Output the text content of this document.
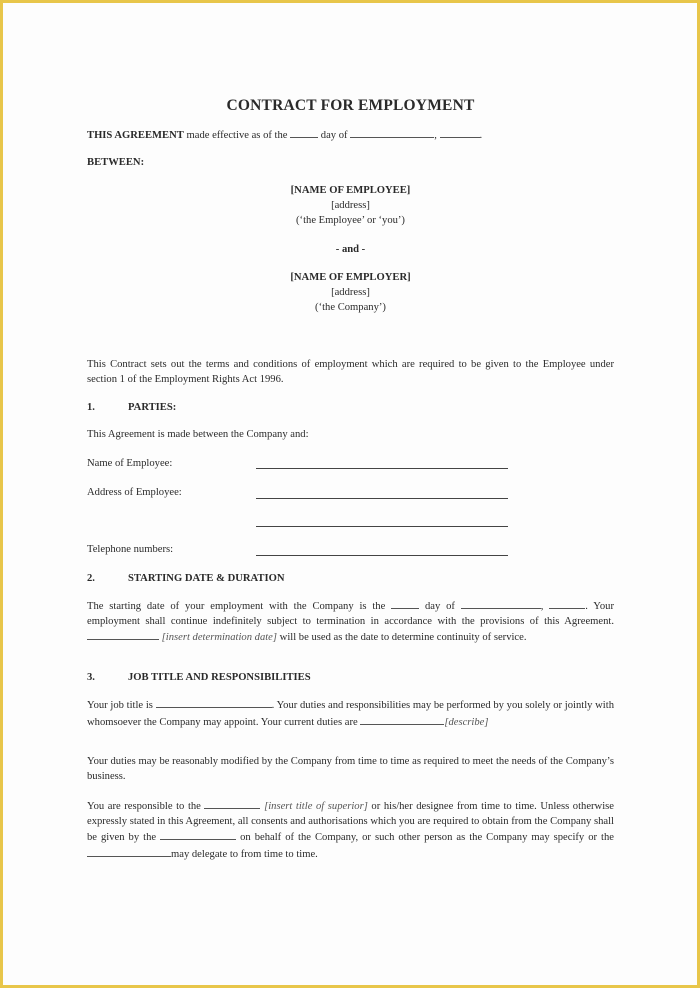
CONTRACT FOR EMPLOYMENT
THIS AGREEMENT made effective as of the	day of	,	.
BETWEEN:
[NAME OF EMPLOYEE]
[address]
(‘the Employee’ or ‘you’)
- and -
[NAME OF EMPLOYER]
[address]
(‘the Company’)
This Contract sets out the terms and conditions of employment which are required to be given to the Employee under section 1 of the Employment Rights Act 1996.
1.	PARTIES:
This Agreement is made between the Company and:
Name of Employee:
Address of Employee:
Telephone numbers:
2.	STARTING DATE & DURATION
The starting date of your employment with the Company is the	day of	,	. Your employment shall continue indefinitely subject to termination in accordance with the provisions of this Agreement.  [insert determination date] will be used as the date to determine continuity of service.
3.	JOB TITLE AND RESPONSIBILITIES
Your job title is	. Your duties and responsibilities may be performed by you solely or jointly with whomsoever the Company may appoint. Your current duties are	[describe]
Your duties may be reasonably modified by the Company from time to time as required to meet the needs of the Company’s business.
You are responsible to the	[insert title of superior] or his/her designee from time to time. Unless otherwise expressly stated in this Agreement, all consents and authorisations which you are required to obtain from the Company shall be given by the	on behalf of the Company, or such other person as the Company may specify or the may delegate to from time to time.
